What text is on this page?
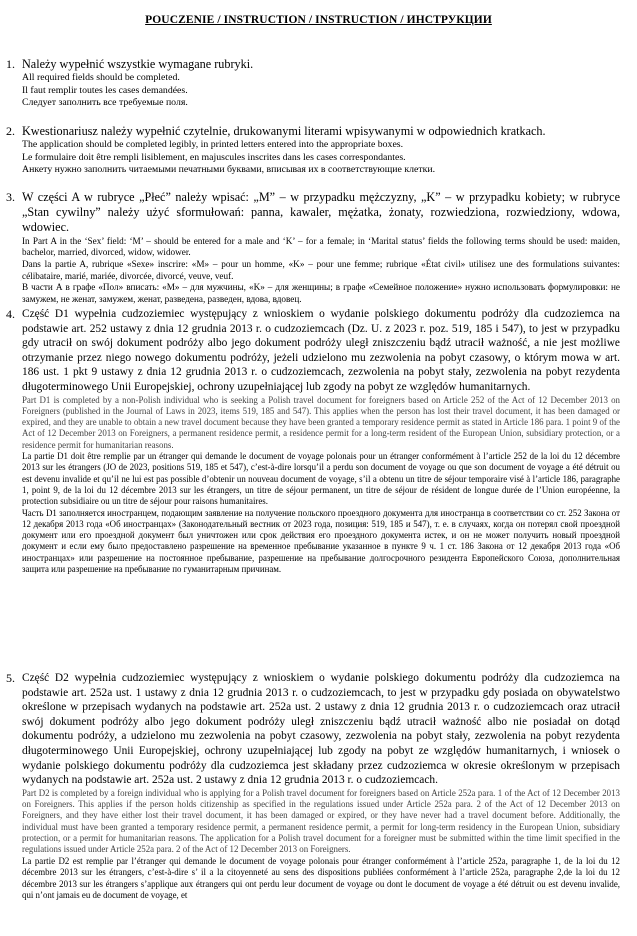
POUCZENIE / INSTRUCTION / INSTRUCTION / ИНСТРУКЦИИ
1. Należy wypełnić wszystkie wymagane rubryki.

All required fields should be completed.

Il faut remplir toutes les cases demandées.

Следует заполнить все требуемые поля.

2. Kwestionariusz należy wypełnić czytelnie, drukowanymi literami wpisywanymi w odpowiednich kratkach.

The application should be completed legibly, in printed letters entered into the appropriate boxes.

Le formulaire doit être rempli lisiblement, en majuscules inscrites dans les cases correspondantes.

Анкету нужно заполнить читаемыми печатными буквами, вписывая их в соответствующие клетки.

3. W części A w rubryce „Płeć” należy wpisać: „M” – w przypadku mężczyzny, „K” – w przypadku kobiety; w rubryce „Stan cywilny” należy użyć sformułowań: panna, kawaler, mężatka, żonaty, rozwiedziona, rozwiedziony, wdowa, wdowiec.

In Part A in the ‘Sex’ field: ‘M’ – should be entered for a male and ‘K’ – for a female; in ‘Marital status’ fields the following terms should be used: maiden, bachelor, married, divorced, widow, widower.

Dans la partie A, rubrique «Sexe» inscrire: «M» – pour un homme, «K» – pour une femme; rubrique «État civil» utilisez une des formulations suivantes: célibataire, marié, mariée, divorcée, divorcé, veuve, veuf.

В части А в графе «Пол» вписать: «M» – для мужчины, «K» – для женщины; в графе «Семейное положение» нужно использовать формулировки: не замужем, не женат, замужем, женат, разведена, разведен, вдова, вдовец.

4. Część D1 wypełnia cudzoziemiec występujący z wnioskiem o wydanie polskiego dokumentu podróży dla cudzoziemca na podstawie art. 252 ustawy z dnia 12 grudnia 2013 r. o cudzoziemcach (Dz. U. z 2023 r. poz. 519, 185 i 547), to jest w przypadku gdy utracił on swój dokument podróży albo jego dokument podróży uległ zniszczeniu bądź utracił ważność, a nie jest możliwe otrzymanie przez niego nowego dokumentu podróży, jeżeli udzielono mu zezwolenia na pobyt czasowy, o którym mowa w art. 186 ust. 1 pkt 9 ustawy z dnia 12 grudnia 2013 r. o cudzoziemcach, zezwolenia na pobyt stały, zezwolenia na pobyt rezydenta długoterminowego Unii Europejskiej, ochrony uzupełniającej lub zgody na pobyt ze względów humanitarnych.

Part D1 is completed by a non-Polish individual who is seeking a Polish travel document for foreigners based on Article 252 of the Act of 12 December 2013 on Foreigners (published in the Journal of Laws in 2023, items 519, 185 and 547). This applies when the person has lost their travel document, it has been damaged or expired, and they are unable to obtain a new travel document because they have been granted a temporary residence permit as stated in Article 186 para. 1 point 9 of the Act of 12 December 2013 on Foreigners, a permanent residence permit, a residence permit for a long-term resident of the European Union, subsidiary protection, or a residence permit for humanitarian reasons.

La partie D1 doit être remplie par un étranger qui demande le document de voyage polonais pour un étranger conformément à l’article 252 de la loi du 12 décembre 2013 sur les étrangers (JO de 2023, positions 519, 185 et 547), c’est-à-dire lorsqu’il a perdu son document de voyage ou que son document de voyage a été détruit ou est devenu invalide et qu’il ne lui est pas possible d’obtenir un nouveau document de voyage, s’il a obtenu un titre de séjour temporaire visé à l’article 186, paragraphe 1, point 9, de la loi du 12 décembre 2013 sur les étrangers, un titre de séjour permanent, un titre de séjour de résident de longue durée de l’Union européenne, la protection subsidiaire ou un titre de séjour pour raisons humanitaires.

Часть D1 заполняется иностранцем, подающим заявление на получение польского проездного документа для иностранца в соответствии со ст. 252 Закона от 12 декабря 2013 года «Об иностранцах» (Законодательный вестник от 2023 года, позиция: 519, 185 и 547), т. е. в случаях, когда он потерял свой проездной документ или его проездной документ был уничтожен или срок действия его проездного документа истек, и он не может получить новый проездной документ и если ему было предоставлено разрешение на временное пребывание указанное в пункте 9 ч. 1 ст. 186 Закона от 12 декабря 2013 года «Об иностранцах» или разрешение на постоянное пребывание, разрешение на пребывание долгосрочного резидента Европейского Союза, дополнительная защита или разрешение на пребывание по гуманитарным причинам.

5. Część D2 wypełnia cudzoziemiec występujący z wnioskiem o wydanie polskiego dokumentu podróży dla cudzoziemca na podstawie art. 252a ust. 1 ustawy z dnia 12 grudnia 2013 r. o cudzoziemcach, to jest w przypadku gdy posiada on obywatelstwo określone w przepisach wydanych na podstawie art. 252a ust. 2 ustawy z dnia 12 grudnia 2013 r. o cudzoziemcach oraz utracił swój dokument podróży albo jego dokument podróży uległ zniszczeniu bądź utracił ważność albo nie posiadał on dotąd dokumentu podróży, a udzielono mu zezwolenia na pobyt czasowy, zezwolenia na pobyt stały, zezwolenia na pobyt rezydenta długoterminowego Unii Europejskiej, ochrony uzupełniającej lub zgody na pobyt ze względów humanitarnych, i wniosek o wydanie polskiego dokumentu podróży dla cudzoziemca jest składany przez cudzoziemca w okresie określonym w przepisach wydanych na podstawie art. 252a ust. 2 ustawy z dnia 12 grudnia 2013 r. o cudzoziemcach.

Part D2 is completed by a foreign individual who is applying for a Polish travel document for foreigners based on Article 252a para. 1 of the Act of 12 December 2013 on Foreigners. This applies if the person holds citizenship as specified in the regulations issued under Article 252a para. 2 of the Act of 12 December 2013 on Foreigners, and they have either lost their travel document, it has been damaged or expired, or they have never had a travel document before. Additionally, the individual must have been granted a temporary residence permit, a permanent residence permit, a permit for long-term residency in the European Union, subsidiary protection, or a permit for humanitarian reasons. The application for a Polish travel document for a foreigner must be submitted within the time limit specified in the regulations issued under Article 252a para. 2 of the Act of 12 December 2013 on Foreigners.

La partie D2 est remplie par l’étranger qui demande le document de voyage polonais pour étranger conformément à l’article 252a, paragraphe 1, de la loi du 12 décembre 2013 sur les étrangers, c’est-à-dire s’ il a la citoyenneté au sens des dispositions publiées conformément à l’article 252a, paragraphe 2,de la loi du 12 décembre 2013 sur les étrangers s’applique aux étrangers qui ont perdu leur document de voyage ou dont le document de voyage a été détruit ou est devenu invalide, qui n’ont jamais eu de document de voyage, et
